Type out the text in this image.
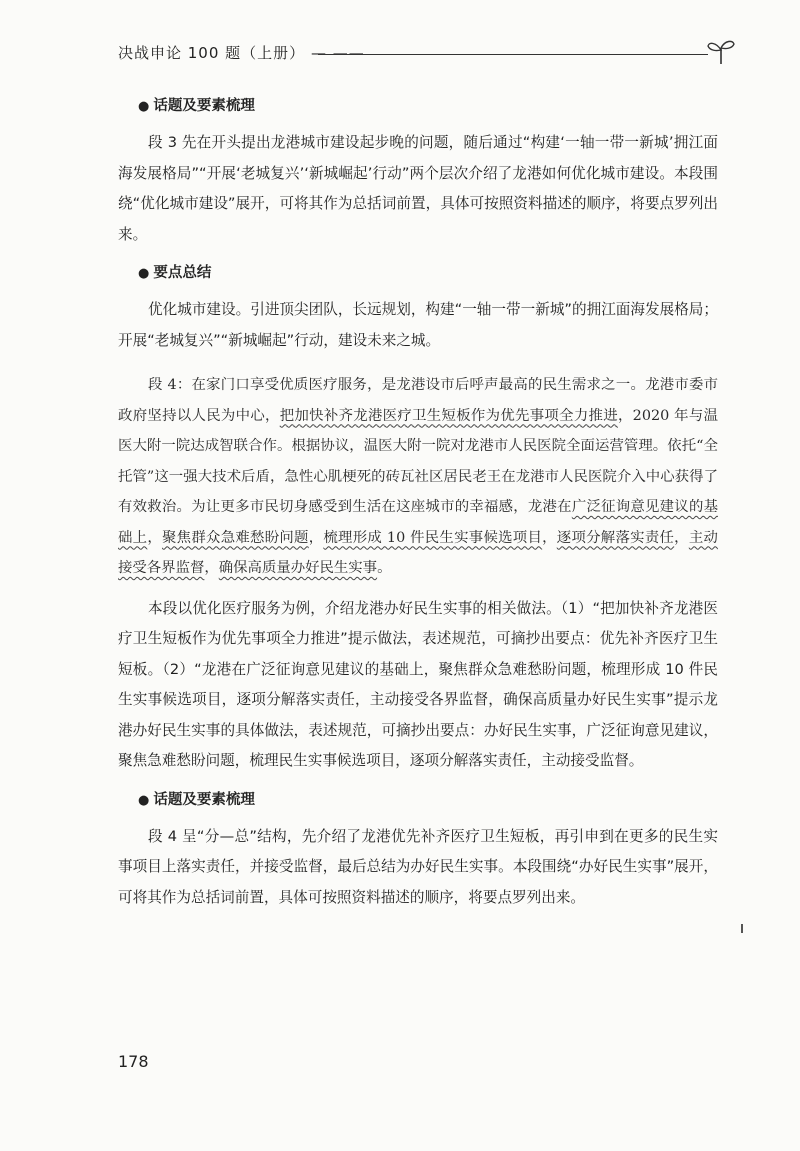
决战申论 100 题（上册） — ——
● 话题及要素梳理

段 3 先在开头提出龙港城市建设起步晚的问题，随后通过“构建‘一轴一带一新城’拥江面海发展格局”“开展‘老城复兴’‘新城崛起’行动”两个层次介绍了龙港如何优化城市建设。本段围绕“优化城市建设”展开，可将其作为总括词前置，具体可按照资料描述的顺序，将要点罗列出来。

● 要点总结

优化城市建设。引进顶尖团队，长远规划，构建“一轴一带一新城”的拥江面海发展格局；开展“老城复兴”“新城崛起”行动，建设未来之城。

段 4：在家门口享受优质医疗服务，是龙港设市后呼声最高的民生需求之一。龙港市委市政府坚持以人民为中心，把加快补齐龙港医疗卫生短板作为优先事项全力推进，2020 年与温医大附一院达成智联合作。根据协议，温医大附一院对龙港市人民医院全面运营管理。依托“全托管”这一强大技术后盾，急性心肌梗死的砖瓦社区居民老王在龙港市人民医院介入中心获得了有效救治。为让更多市民切身感受到生活在这座城市的幸福感，龙港在广泛征询意见建议的基础上，聚焦群众急难愁盼问题，梳理形成 10 件民生实事候选项目，逐项分解落实责任，主动接受各界监督，确保高质量办好民生实事。

本段以优化医疗服务为例，介绍龙港办好民生实事的相关做法。（1）“把加快补齐龙港医疗卫生短板作为优先事项全力推进”提示做法，表述规范，可摘抄出要点：优先补齐医疗卫生短板。（2）“龙港在广泛征询意见建议的基础上，聚焦群众急难愁盼问题，梳理形成 10 件民生实事候选项目，逐项分解落实责任，主动接受各界监督，确保高质量办好民生实事”提示龙港办好民生实事的具体做法，表述规范，可摘抄出要点：办好民生实事，广泛征询意见建议，聚焦急难愁盼问题，梳理民生实事候选项目，逐项分解落实责任，主动接受监督。

● 话题及要素梳理

段 4 呈“分—总”结构，先介绍了龙港优先补齐医疗卫生短板，再引申到在更多的民生实事项目上落实责任，并接受监督，最后总结为办好民生实事。本段围绕“办好民生实事”展开，可将其作为总括词前置，具体可按照资料描述的顺序，将要点罗列出来。

178
